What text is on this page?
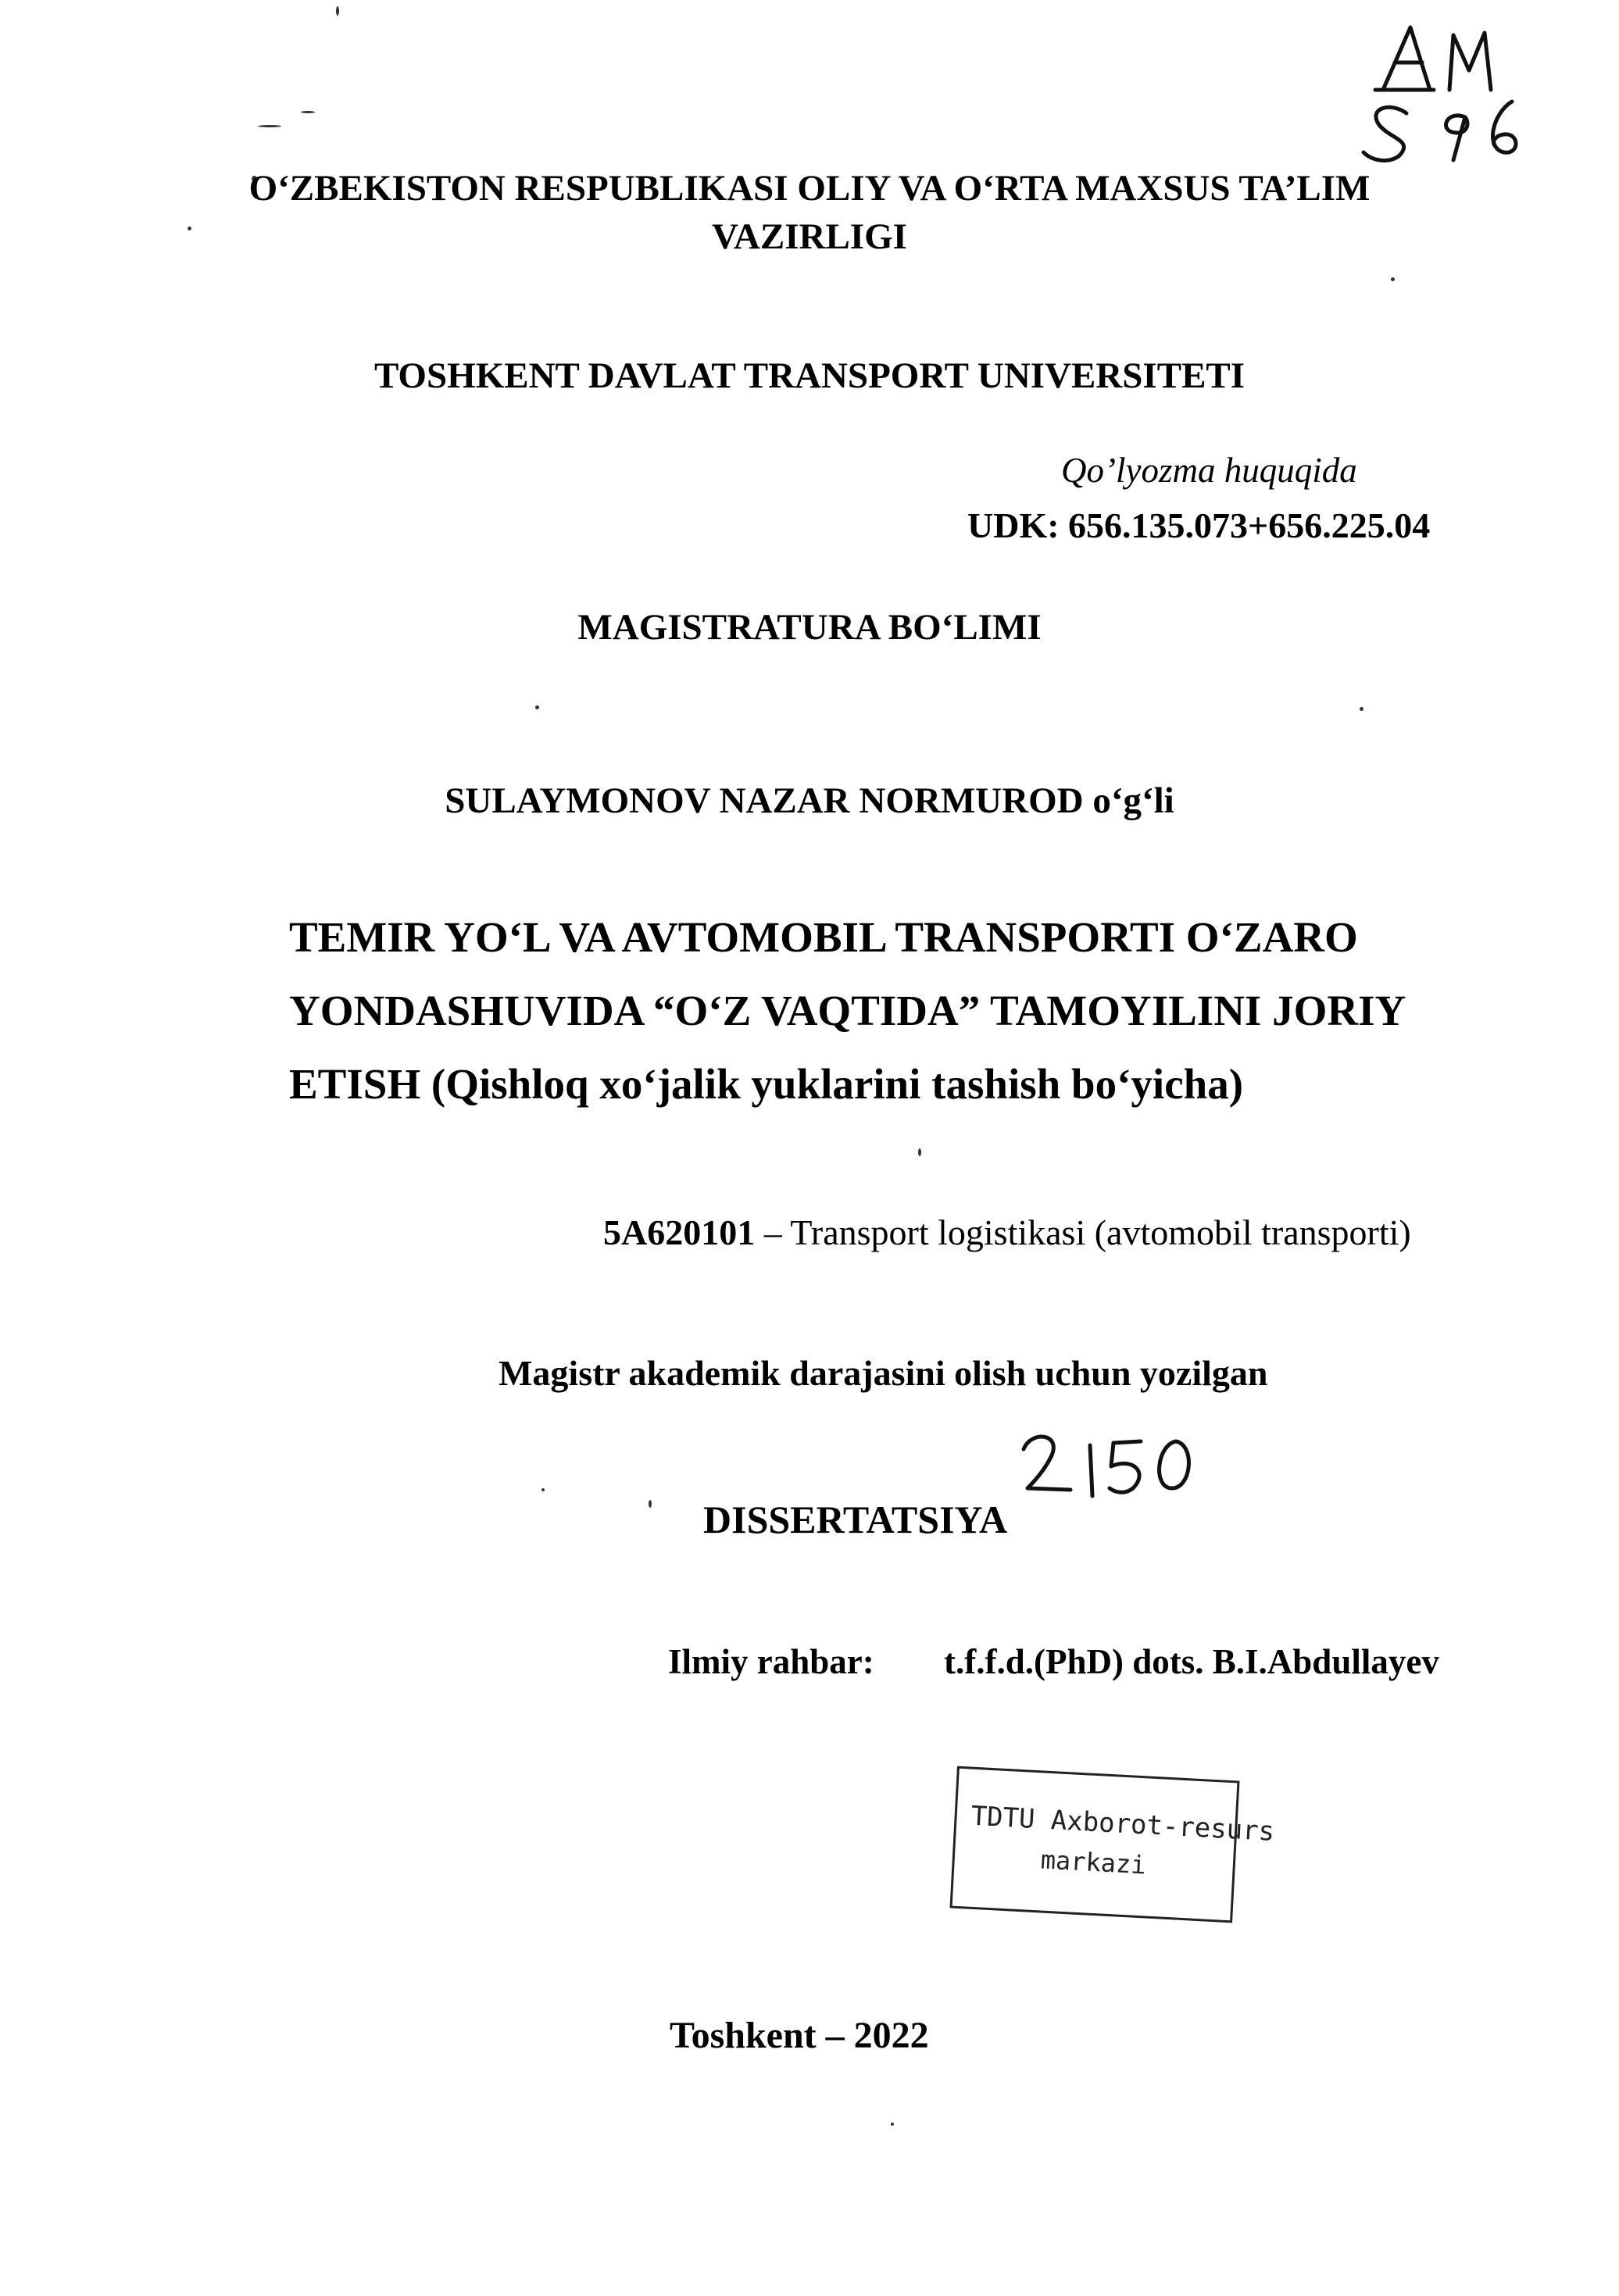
O‘ZBEKISTON RESPUBLIKASI OLIY VA O‘RTA MAXSUS TA’LIM
VAZIRLIGI
TOSHKENT DAVLAT TRANSPORT UNIVERSITETI
Qo’lyozma huquqida
UDK: 656.135.073+656.225.04
MAGISTRATURA BO‘LIMI
SULAYMONOV NAZAR NORMUROD o‘g‘li
TEMIR YO‘L VA AVTOMOBIL TRANSPORTI O‘ZARO
YONDASHUVIDA “O‘Z VAQTIDA” TAMOYILINI JORIY
ETISH (Qishloq xo‘jalik yuklarini tashish bo‘yicha)
5A620101 – Transport logistikasi (avtomobil transporti)
Magistr akademik darajasini olish uchun yozilgan
DISSERTATSIYA
Ilmiy rahbar: t.f.f.d.(PhD) dots. B.I.Abdullayev
TDTU Axborot-resurs
markazi
Toshkent – 2022
